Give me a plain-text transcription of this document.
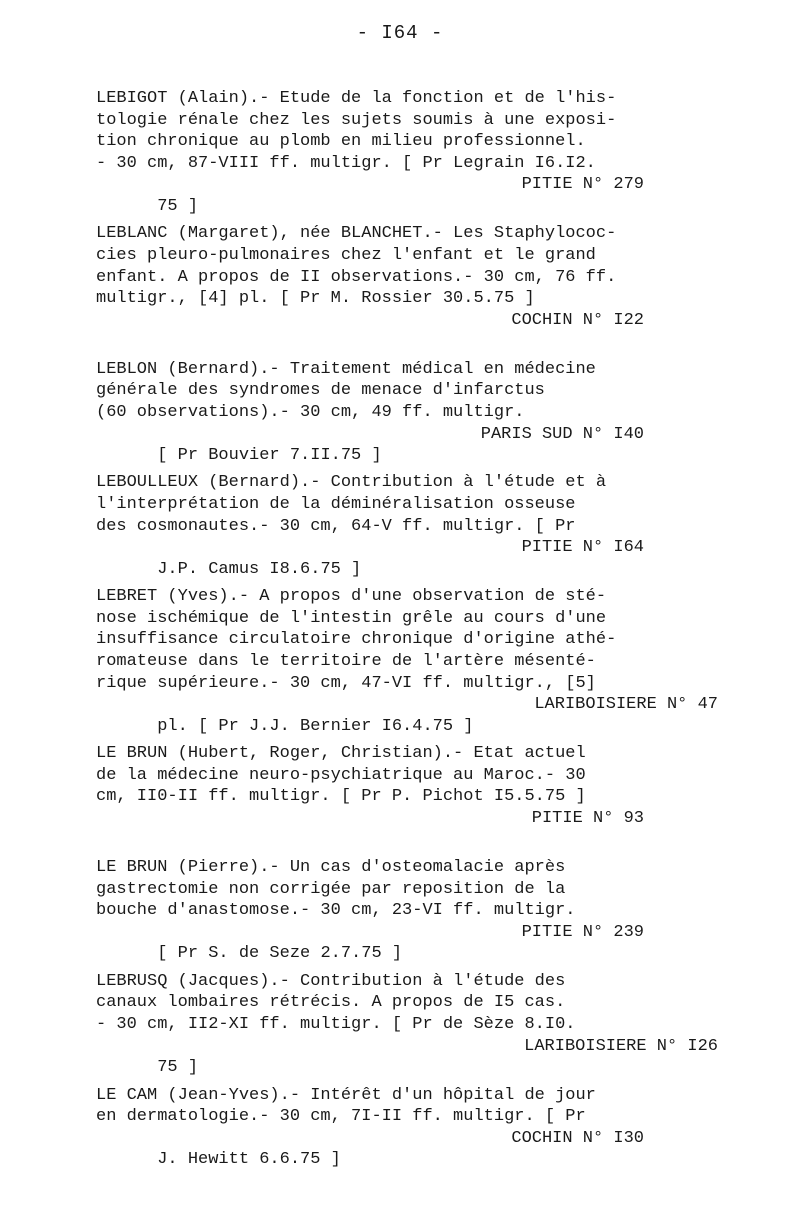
- I64 -
LEBIGOT (Alain).- Etude de la fonction et de l'his-
tologie rénale chez les sujets soumis à une exposi-
tion chronique au plomb en milieu professionnel.
- 30 cm, 87-VIII ff. multigr. [ Pr Legrain I6.I2.

75 ]

PITIE N° 279

LEBLANC (Margaret), née BLANCHET.- Les Staphylococ-
cies pleuro-pulmonaires chez l'enfant et le grand
enfant. A propos de II observations.- 30 cm, 76 ff.
multigr., [4] pl. [ Pr M. Rossier 30.5.75 ]

COCHIN N° I22

LEBLON (Bernard).- Traitement médical en médecine
générale des syndromes de menace d'infarctus
(60 observations).- 30 cm, 49 ff. multigr.

[ Pr Bouvier 7.II.75 ]

PARIS SUD N° I40

LEBOULLEUX (Bernard).- Contribution à l'étude et à
l'interprétation de la déminéralisation osseuse
des cosmonautes.- 30 cm, 64-V ff. multigr. [ Pr

J.P. Camus I8.6.75 ]

PITIE N° I64

LEBRET (Yves).- A propos d'une observation de sté-
nose ischémique de l'intestin grêle au cours d'une
insuffisance circulatoire chronique d'origine athé-
romateuse dans le territoire de l'artère mésenté-
rique supérieure.- 30 cm, 47-VI ff. multigr., [5]

pl. [ Pr J.J. Bernier I6.4.75 ]

LARIBOISIERE N° 47

LE BRUN (Hubert, Roger, Christian).- Etat actuel
de la médecine neuro-psychiatrique au Maroc.- 30
cm, II0-II ff. multigr. [ Pr P. Pichot I5.5.75 ]

PITIE N° 93

LE BRUN (Pierre).- Un cas d'osteomalacie après
gastrectomie non corrigée par reposition de la
bouche d'anastomose.- 30 cm, 23-VI ff. multigr.

[ Pr S. de Seze 2.7.75 ]

PITIE N° 239

LEBRUSQ (Jacques).- Contribution à l'étude des
canaux lombaires rétrécis. A propos de I5 cas.
- 30 cm, II2-XI ff. multigr. [ Pr de Sèze 8.I0.

75 ]

LARIBOISIERE N° I26

LE CAM (Jean-Yves).- Intérêt d'un hôpital de jour
en dermatologie.- 30 cm, 7I-II ff. multigr. [ Pr

J. Hewitt 6.6.75 ]

COCHIN N° I30
